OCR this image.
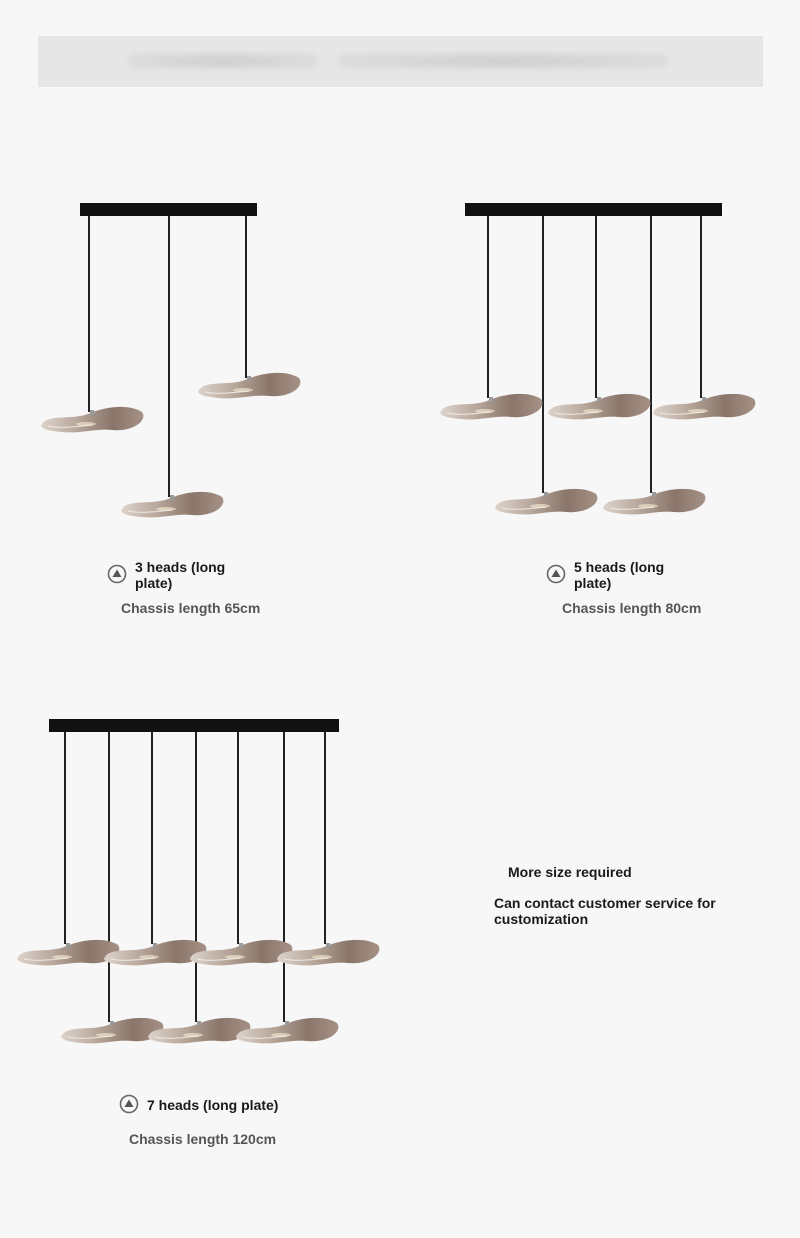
3 heads (long plate)
Chassis length 65cm
5 heads (long plate)
Chassis length 80cm
7 heads (long plate)
Chassis length 120cm
More size required
Can contact customer service for customization
